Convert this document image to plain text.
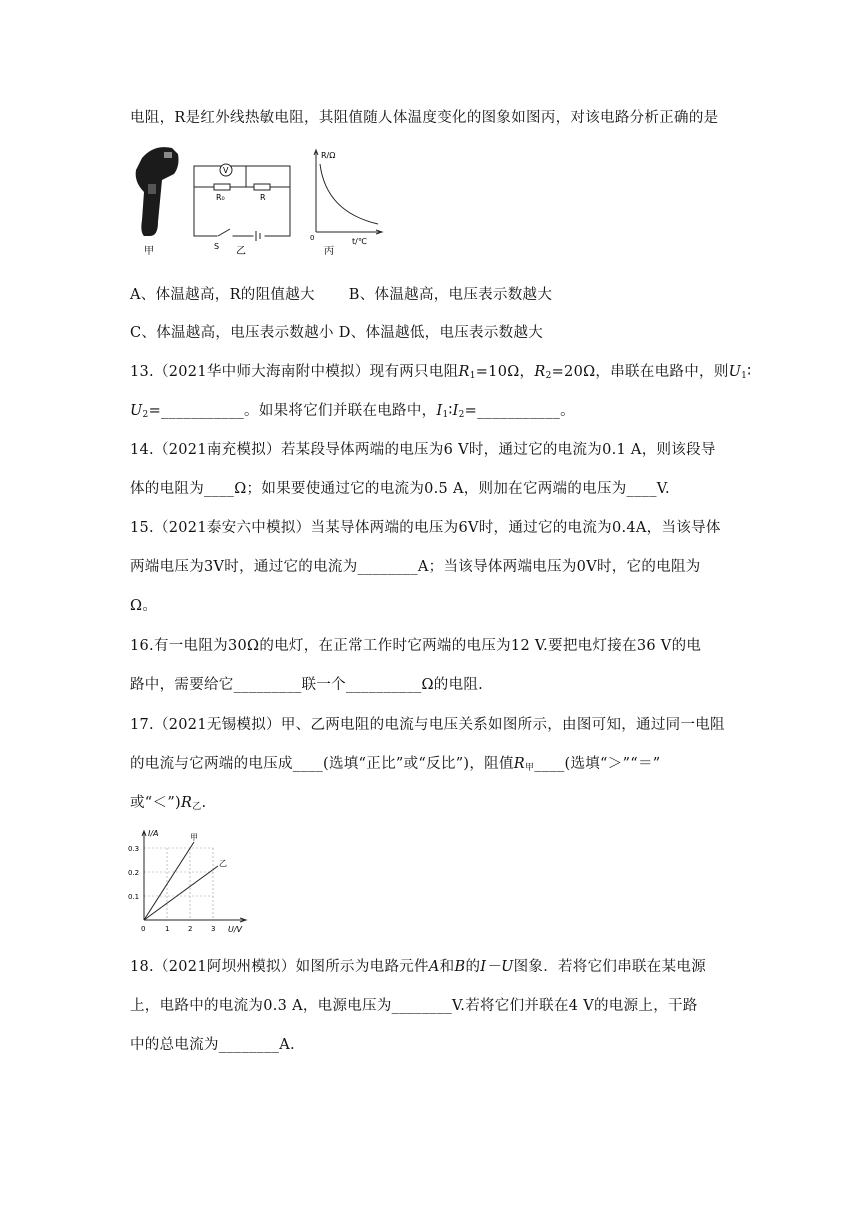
电阻，R是红外线热敏电阻，其阻值随人体温度变化的图象如图丙，对该电路分析正确的是
甲
V
R₀	R
S 乙
R/Ω
t/℃
0
丙
A、体温越高，R的阻值越大 B、体温越高，电压表示数越大
C、体温越高，电压表示数越小 D、体温越低，电压表示数越大
13.（2021华中师大海南附中模拟）现有两只电阻$R_1=10\Omega$，$R_2=20\Omega$，串联在电路中，则$U_1∶$
$U_2=\_\_\_\_\_\_\_\_\_\_\_$。如果将它们并联在电路中，$I_1∶I_2=\_\_\_\_\_\_\_\_\_\_\_$。
14.（2021南充模拟）若某段导体两端的电压为6 V时，通过它的电流为0.1 A，则该段导
体的电阻为____Ω；如果要使通过它的电流为0.5 A，则加在它两端的电压为____V.
15.（2021泰安六中模拟）当某导体两端的电压为6V时，通过它的电流为0.4A，当该导体
两端电压为3V时，通过它的电流为________A；当该导体两端电压为0V时，它的电阻为
Ω。
16.有一电阻为30Ω的电灯，在正常工作时它两端的电压为12 V.要把电灯接在36 V的电
路中，需要给它_________联一个__________Ω的电阻.
17.（2021无锡模拟）甲、乙两电阻的电流与电压关系如图所示，由图可知，通过同一电阻
的电流与它两端的电压成____(选填“正比”或“反比”)，阻值$R_甲\_\_\_\_$(选填“＞”“＝”
或“$<”)R_乙$.
I/A
U/V
甲
乙
0.3
0.2
0.1
0	1	2	3
18.（2021阿坝州模拟）如图所示为电路元件A和B的I－U图象．若将它们串联在某电源
上，电路中的电流为0.3 A，电源电压为________V.若将它们并联在4 V的电源上，干路
中的总电流为________A.
